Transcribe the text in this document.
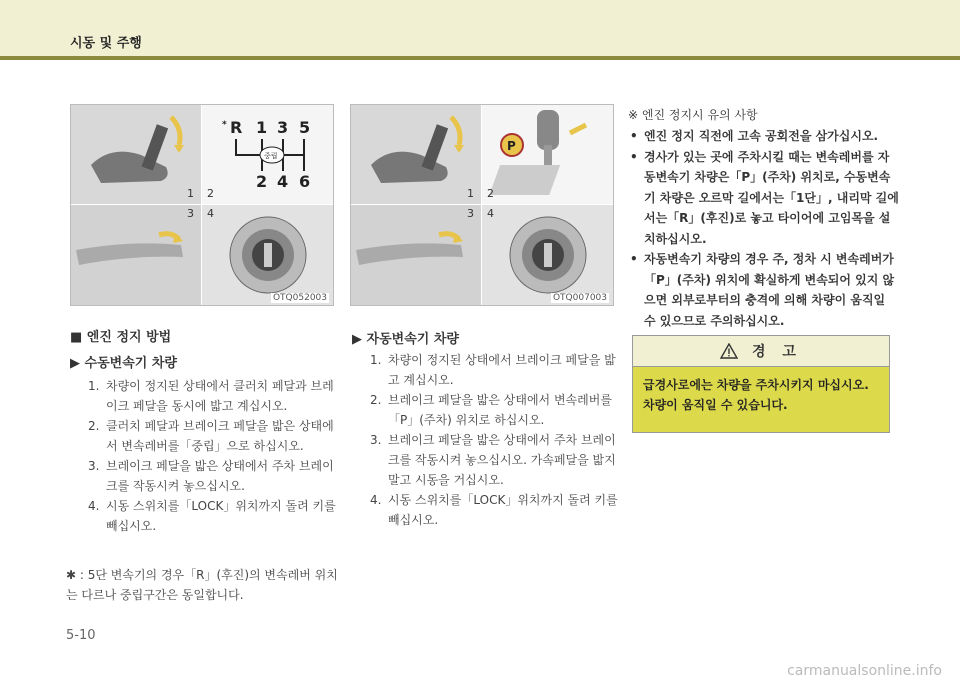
시동 및 주행
* R 1 3 5
2 4 6
중립
1 2
3 4
OTQ052003
P
1 2
3 4
OTQ007003
■ 엔진 정지 방법
▶ 수동변속기 차량
1. 차량이 정지된 상태에서 클러치 페달과 브레이크 페달을 동시에 밟고 계십시오.
2. 클러치 페달과 브레이크 페달을 밟은 상태에서 변속레버를「중립」으로 하십시오.
3. 브레이크 페달을 밟은 상태에서 주차 브레이크를 작동시켜 놓으십시오.
4. 시동 스위치를「LOCK」위치까지 돌려 키를 빼십시오.
✱ : 5단 변속기의 경우「R」(후진)의 변속레버 위치는 다르나 중립구간은 동일합니다.
▶ 자동변속기 차량
1. 차량이 정지된 상태에서 브레이크 페달을 밟고 계십시오.
2. 브레이크 페달을 밟은 상태에서 변속레버를「P」(주차) 위치로 하십시오.
3. 브레이크 페달을 밟은 상태에서 주차 브레이크를 작동시켜 놓으십시오. 가속페달을 밟지 말고 시동을 거십시오.
4. 시동 스위치를「LOCK」위치까지 돌려 키를 빼십시오.
※ 엔진 정지시 유의 사항
• 엔진 정지 직전에 고속 공회전을 삼가십시오.
• 경사가 있는 곳에 주차시킬 때는 변속레버를 자동변속기 차량은「P」(주차) 위치로, 수동변속기 차량은 오르막 길에서는「1단」, 내리막 길에서는「R」(후진)로 놓고 타이어에 고임목을 설치하십시오.
• 자동변속기 차량의 경우 주, 정차 시 변속레버가「P」(주차) 위치에 확실하게 변속되어 있지 않으면 외부로부터의 충격에 의해 차량이 움직일 수 있으므로 주의하십시오.
경 고
급경사로에는 차량을 주차시키지 마십시오. 차량이 움직일 수 있습니다.
5-10
carmanualsonline.info
